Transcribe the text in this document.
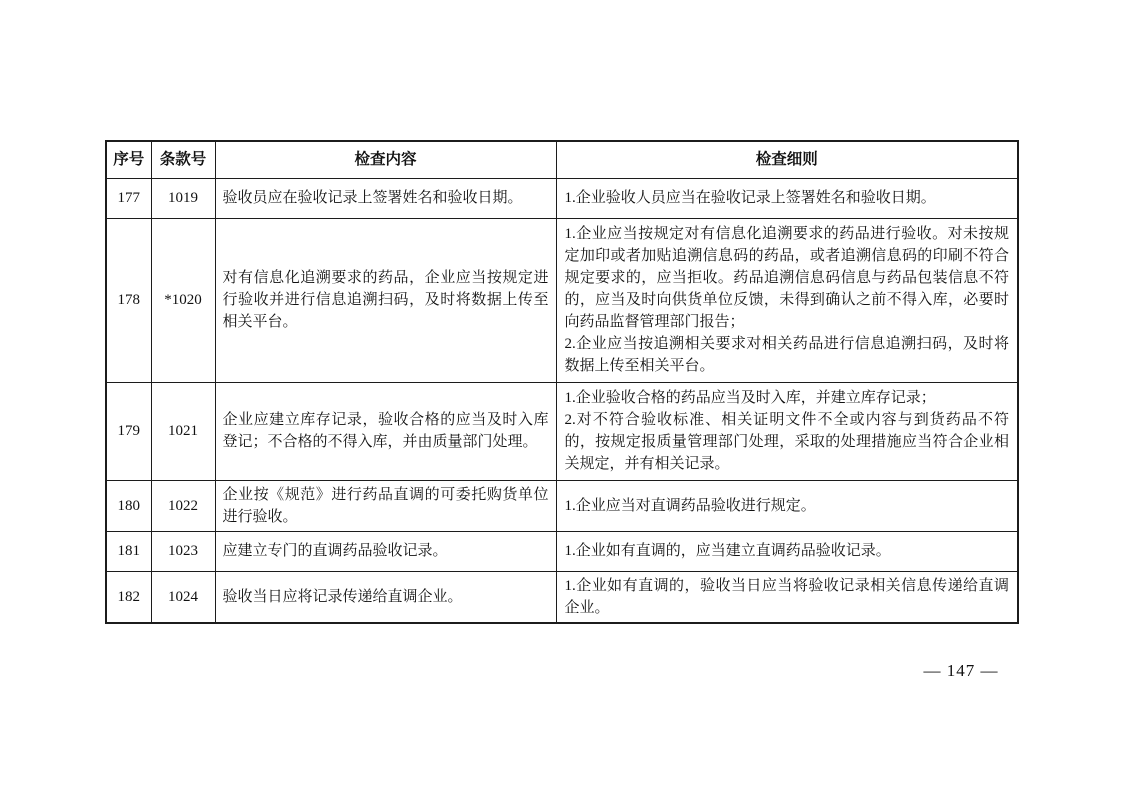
序号	条款号	检查内容	检查细则
177	1019	验收员应在验收记录上签署姓名和验收日期。	1.企业验收人员应当在验收记录上签署姓名和验收日期。

178	*1020	对有信息化追溯要求的药品，企业应当按规定进行验收并进行信息追溯扫码，及时将数据上传至相关平台。	1.企业应当按规定对有信息化追溯要求的药品进行验收。对未按规定加印或者加贴追溯信息码的药品，或者追溯信息码的印刷不符合规定要求的，应当拒收。药品追溯信息码信息与药品包装信息不符的，应当及时向供货单位反馈，未得到确认之前不得入库，必要时向药品监督管理部门报告；
2.企业应当按追溯相关要求对相关药品进行信息追溯扫码，及时将数据上传至相关平台。

179	1021	企业应建立库存记录，验收合格的应当及时入库登记；不合格的不得入库，并由质量部门处理。	1.企业验收合格的药品应当及时入库，并建立库存记录；
2.对不符合验收标准、相关证明文件不全或内容与到货药品不符的，按规定报质量管理部门处理，采取的处理措施应当符合企业相关规定，并有相关记录。

180	1022	企业按《规范》进行药品直调的可委托购货单位进行验收。	1.企业应当对直调药品验收进行规定。

181	1023	应建立专门的直调药品验收记录。	1.企业如有直调的，应当建立直调药品验收记录。

182	1024	验收当日应将记录传递给直调企业。	1.企业如有直调的，验收当日应当将验收记录相关信息传递给直调企业。
— 147 —
